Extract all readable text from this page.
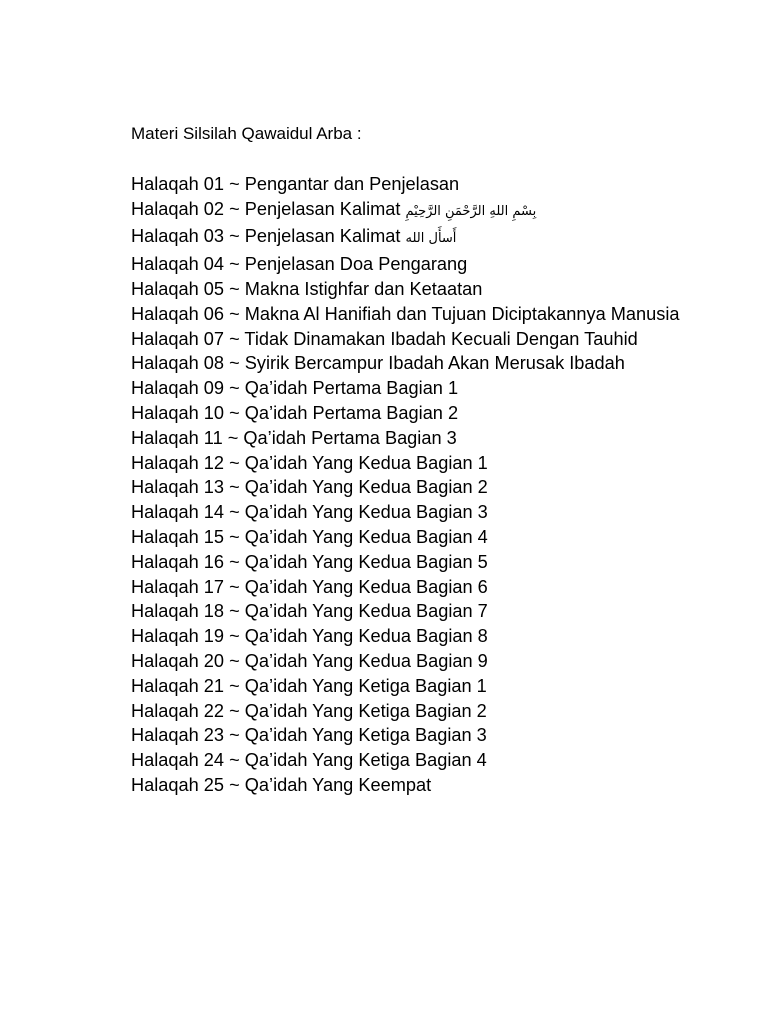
Materi Silsilah Qawaidul Arba :
Halaqah 01 ~ Pengantar dan Penjelasan
Halaqah 02 ~ Penjelasan Kalimat بِسْمِ اللهِ الرَّحْمَنِ الرَّحِيْمِ
Halaqah 03 ~ Penjelasan Kalimat أَسأَل الله
Halaqah 04 ~ Penjelasan Doa Pengarang
Halaqah 05 ~ Makna Istighfar dan Ketaatan
Halaqah 06 ~ Makna Al Hanifiah dan Tujuan Diciptakannya Manusia
Halaqah 07 ~ Tidak Dinamakan Ibadah Kecuali Dengan Tauhid
Halaqah 08 ~ Syirik Bercampur Ibadah Akan Merusak Ibadah
Halaqah 09 ~ Qa’idah Pertama Bagian 1
Halaqah 10 ~ Qa’idah Pertama Bagian 2
Halaqah 11 ~ Qa’idah Pertama Bagian 3
Halaqah 12 ~ Qa’idah Yang Kedua Bagian 1
Halaqah 13 ~ Qa’idah Yang Kedua Bagian 2
Halaqah 14 ~ Qa’idah Yang Kedua Bagian 3
Halaqah 15 ~ Qa’idah Yang Kedua Bagian 4
Halaqah 16 ~ Qa’idah Yang Kedua Bagian 5
Halaqah 17 ~ Qa’idah Yang Kedua Bagian 6
Halaqah 18 ~ Qa’idah Yang Kedua Bagian 7
Halaqah 19 ~ Qa’idah Yang Kedua Bagian 8
Halaqah 20 ~ Qa’idah Yang Kedua Bagian 9
Halaqah 21 ~ Qa’idah Yang Ketiga Bagian 1
Halaqah 22 ~ Qa’idah Yang Ketiga Bagian 2
Halaqah 23 ~ Qa’idah Yang Ketiga Bagian 3
Halaqah 24 ~ Qa’idah Yang Ketiga Bagian 4
Halaqah 25 ~ Qa’idah Yang Keempat
